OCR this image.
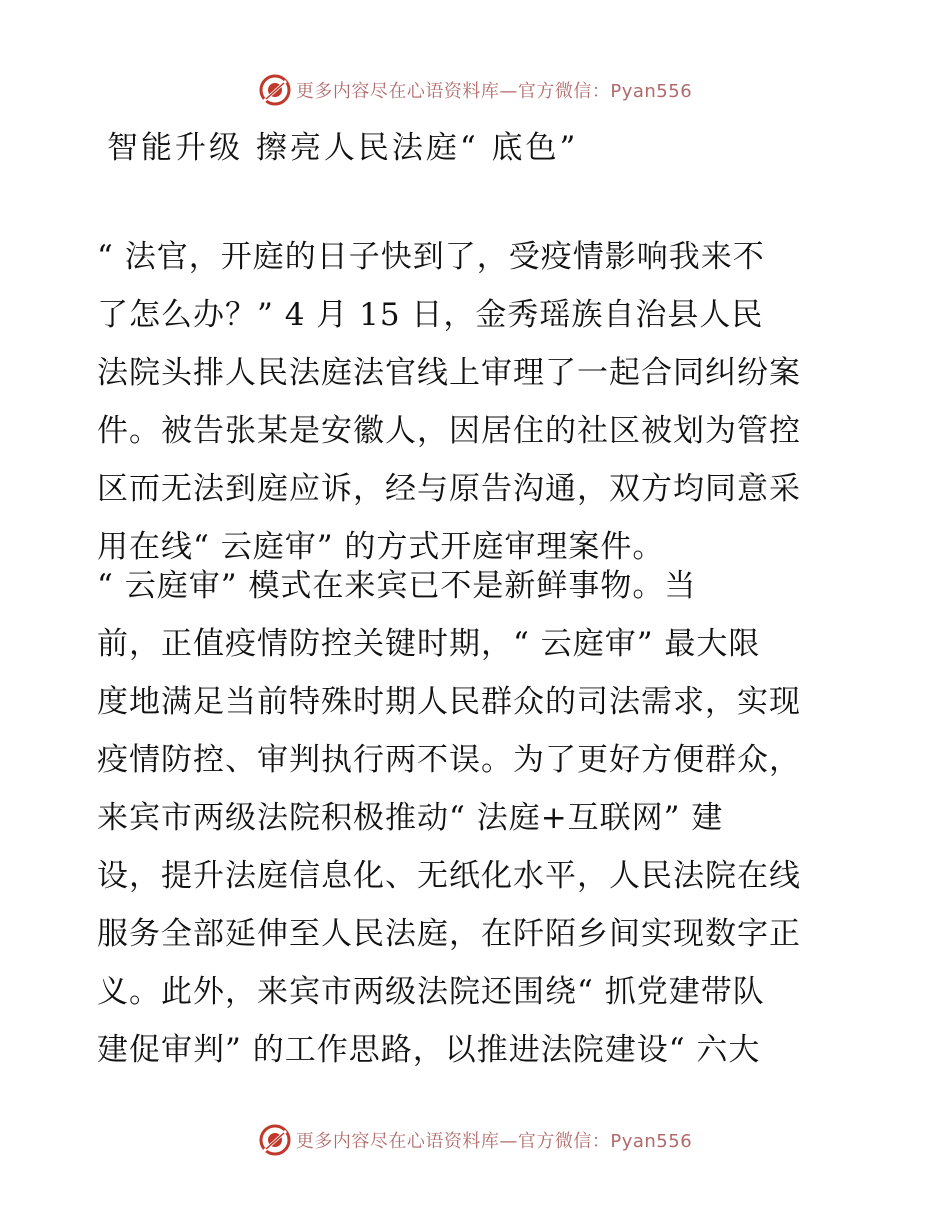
更多内容尽在心语资料库—官方微信：Pyan556
智能升级 擦亮人民法庭“ 底色”
“ 法官，开庭的日子快到了，受疫情影响我来不
了怎么办？” 4 月 15 日，金秀瑶族自治县人民
法院头排人民法庭法官线上审理了一起合同纠纷案
件。被告张某是安徽人，因居住的社区被划为管控
区而无法到庭应诉，经与原告沟通，双方均同意采
用在线“ 云庭审” 的方式开庭审理案件。
“ 云庭审” 模式在来宾已不是新鲜事物。当
前，正值疫情防控关键时期，“ 云庭审” 最大限
度地满足当前特殊时期人民群众的司法需求，实现
疫情防控、审判执行两不误。为了更好方便群众，
来宾市两级法院积极推动“ 法庭+互联网” 建
设，提升法庭信息化、无纸化水平，人民法院在线
服务全部延伸至人民法庭，在阡陌乡间实现数字正
义。此外，来宾市两级法院还围绕“ 抓党建带队
建促审判” 的工作思路，以推进法院建设“ 六大
更多内容尽在心语资料库—官方微信：Pyan556
